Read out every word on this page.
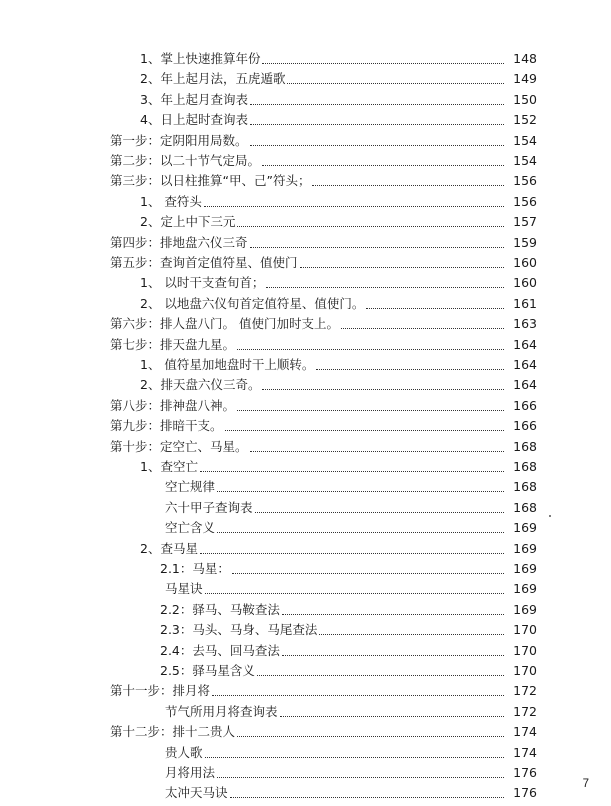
1、掌上快速推算年份	148
2、年上起月法，五虎遁歌	149
3、年上起月查询表	150
4、日上起时查询表	152
第一步：定阴阳用局数。	154
第二步：以二十节气定局。	154
第三步：以日柱推算“甲、己”符头；	156
1、 查符头	156
2、定上中下三元	157
第四步：排地盘六仪三奇	159
第五步：查询首定值符星、值使门	160
1、 以时干支查旬首；	160
2、 以地盘六仪旬首定值符星、值使门。	161
第六步：排人盘八门。 值使门加时支上。	163
第七步：排天盘九星。	164
1、 值符星加地盘时干上顺转。	164
2、排天盘六仪三奇。	164
第八步：排神盘八神。	166
第九步：排暗干支。	166
第十步：定空亡、马星。	168
1、查空亡	168
空亡规律	168
六十甲子查询表	168
空亡含义	169
2、查马星	169
2.1：马星：	169
马星诀	169
2.2：驿马、马鞍查法	169
2.3：马头、马身、马尾查法	170
2.4：去马、回马查法	170
2.5：驿马星含义	170
第十一步：排月将	172
节气所用月将查询表	172
第十二步：排十二贵人	174
贵人歌	174
月将用法	176
太冲天马诀	176
7
